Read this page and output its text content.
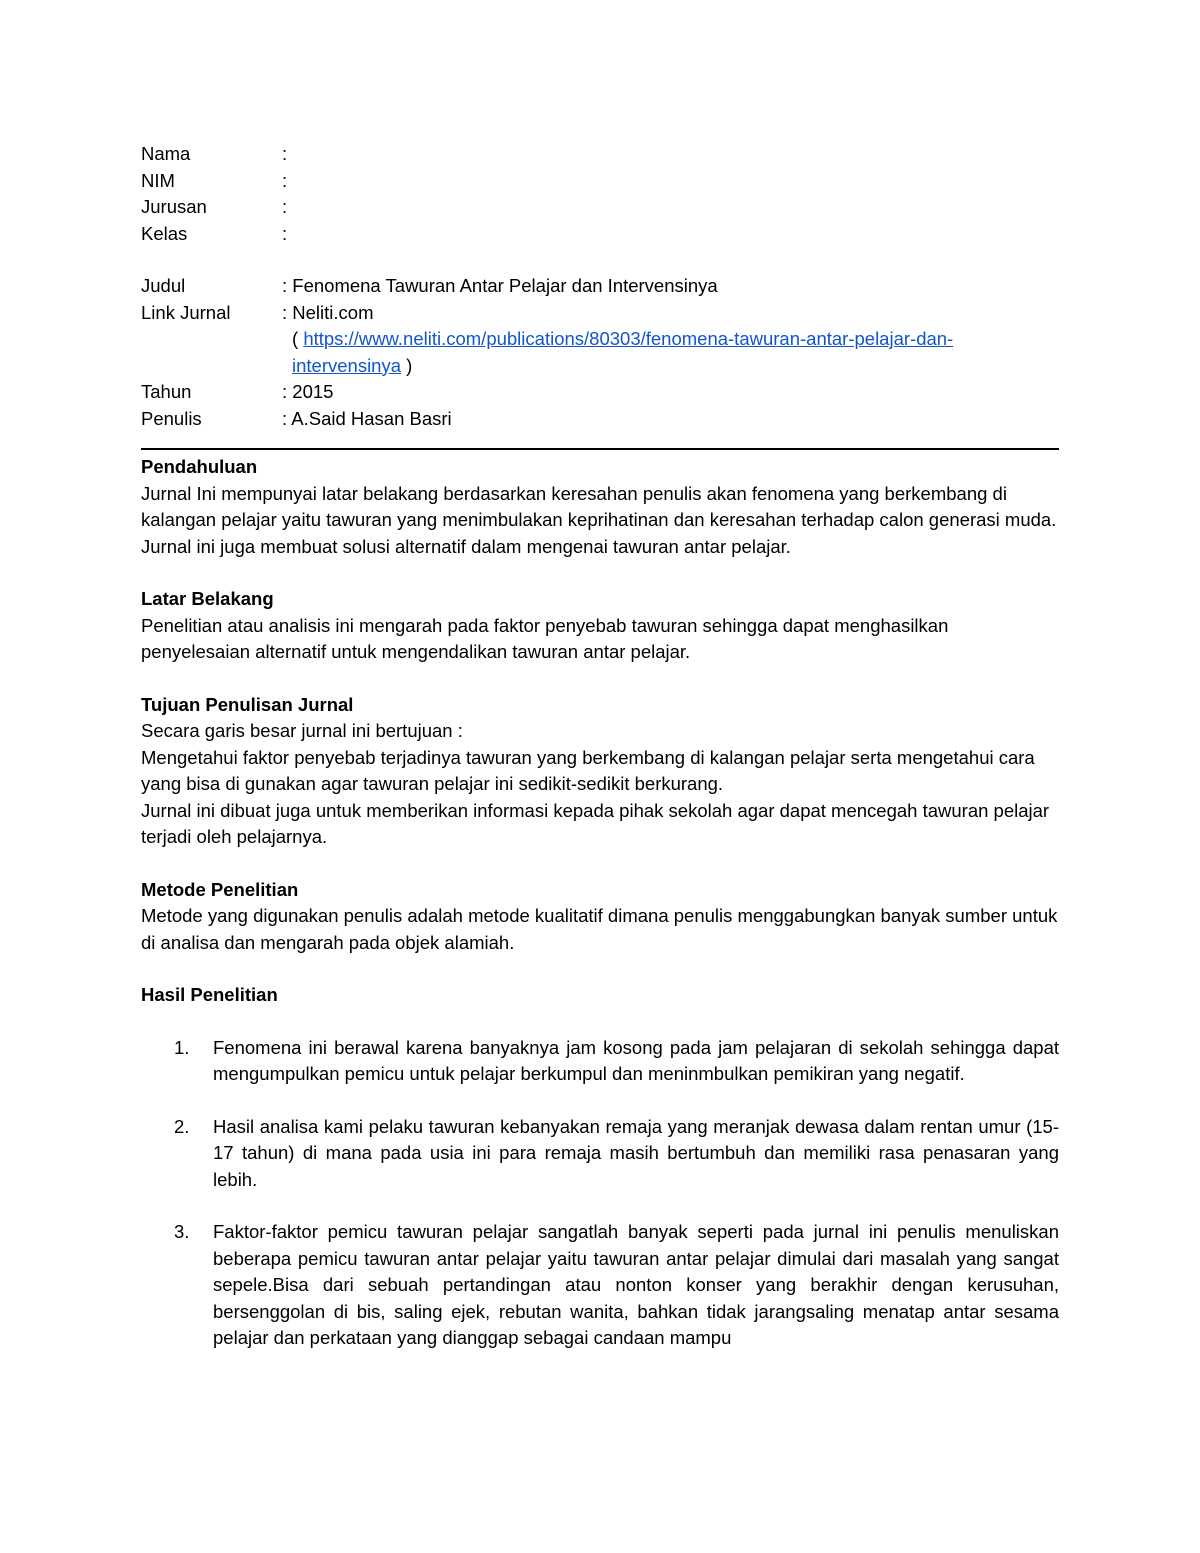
Nama	:
NIM	:
Jurusan	:
Kelas	:
Judul	: Fenomena Tawuran Antar Pelajar dan Intervensinya
Link Jurnal	: Neliti.com
( https://www.neliti.com/publications/80303/fenomena-tawuran-antar-pelajar-dan-
intervensinya )
Tahun	: 2015
Penulis	: A.Said Hasan Basri

Pendahuluan

Jurnal Ini mempunyai latar belakang berdasarkan keresahan penulis akan fenomena yang berkembang di kalangan pelajar yaitu tawuran yang menimbulakan keprihatinan dan keresahan terhadap calon generasi muda. Jurnal ini juga membuat solusi alternatif dalam mengenai tawuran antar pelajar.

Latar Belakang

Penelitian atau analisis ini mengarah pada faktor penyebab tawuran sehingga dapat menghasilkan penyelesaian alternatif untuk mengendalikan tawuran antar pelajar.

Tujuan Penulisan Jurnal

Secara garis besar jurnal ini bertujuan :

Mengetahui faktor penyebab terjadinya tawuran yang berkembang di kalangan pelajar serta mengetahui cara yang bisa di gunakan agar tawuran pelajar ini sedikit-sedikit berkurang.

Jurnal ini dibuat juga untuk memberikan informasi kepada pihak sekolah agar dapat mencegah tawuran pelajar terjadi oleh pelajarnya.

Metode Penelitian

Metode yang digunakan penulis adalah metode kualitatif dimana penulis menggabungkan banyak sumber untuk di analisa dan mengarah pada objek alamiah.

Hasil Penelitian

1. Fenomena ini berawal karena banyaknya jam kosong pada jam pelajaran di sekolah sehingga dapat mengumpulkan pemicu untuk pelajar berkumpul dan meninmbulkan pemikiran yang negatif.
2. Hasil analisa kami pelaku tawuran kebanyakan remaja yang meranjak dewasa dalam rentan umur (15-17 tahun) di mana pada usia ini para remaja masih bertumbuh dan memiliki rasa penasaran yang lebih.
3. Faktor-faktor pemicu tawuran pelajar sangatlah banyak seperti pada jurnal ini penulis menuliskan beberapa pemicu tawuran antar pelajar yaitu tawuran antar pelajar dimulai dari masalah yang sangat sepele.Bisa dari sebuah pertandingan atau nonton konser yang berakhir dengan kerusuhan, bersenggolan di bis, saling ejek, rebutan wanita, bahkan tidak jarangsaling menatap antar sesama pelajar dan perkataan yang dianggap sebagai candaan mampu
